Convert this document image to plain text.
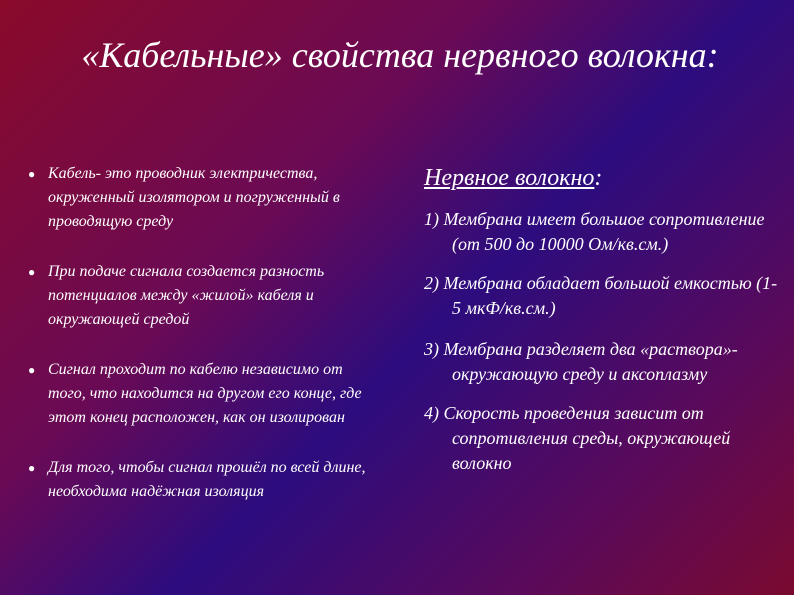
«Кабельные» свойства нервного волокна:
● Кабель- это проводник электричества, окруженный изолятором и погруженный в проводящую среду
● При подаче сигнала создается разность потенциалов между «жилой» кабеля и окружающей средой
● Сигнал проходит по кабелю независимо от того, что находится на другом его конце, где этот конец расположен, как он изолирован
● Для того, чтобы сигнал прошёл по всей длине, необходима надёжная изоляция
Нервное волокно:
1) Мембрана имеет большое сопротивление (от 500 до 10000 Ом/кв.см.)
2) Мембрана обладает большой емкостью (1-5 мкФ/кв.см.)
3) Мембрана разделяет два «раствора»- окружающую среду и аксоплазму
4) Скорость проведения зависит от сопротивления среды, окружающей волокно
